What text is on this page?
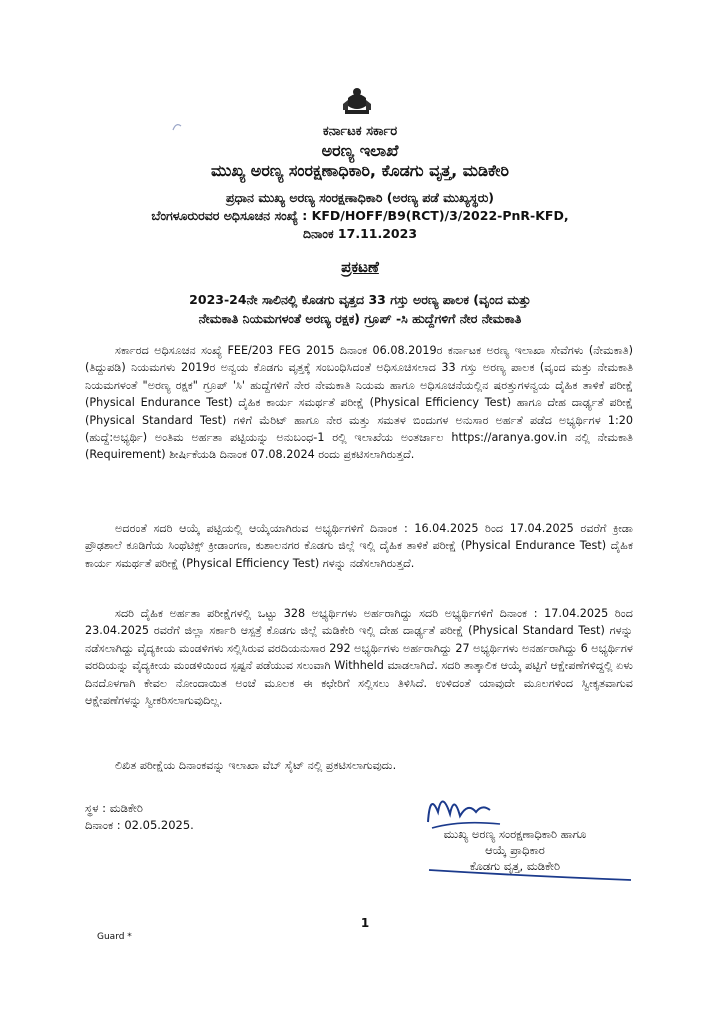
ಕರ್ನಾಟಕ ಸರ್ಕಾರ
ಅರಣ್ಯ ಇಲಾಖೆ
ಮುಖ್ಯ ಅರಣ್ಯ ಸಂರಕ್ಷಣಾಧಿಕಾರಿ, ಕೊಡಗು ವೃತ್ತ, ಮಡಿಕೇರಿ
ಪ್ರಧಾನ ಮುಖ್ಯ ಅರಣ್ಯ ಸಂರಕ್ಷಣಾಧಿಕಾರಿ (ಅರಣ್ಯ ಪಡೆ ಮುಖ್ಯಸ್ಥರು)
ಬೆಂಗಳೂರುರವರ ಅಧಿಸೂಚನ ಸಂಖ್ಯೆ : KFD/HOFF/B9(RCT)/3/2022-PnR-KFD,
ದಿನಾಂಕ 17.11.2023
ಪ್ರಕಟಣೆ
2023-24ನೇ ಸಾಲಿನಲ್ಲಿ ಕೊಡಗು ವೃತ್ತದ 33 ಗಸ್ತು ಅರಣ್ಯ ಪಾಲಕ (ವೃಂದ ಮತ್ತು
ನೇಮಕಾತಿ ನಿಯಮಗಳಂತೆ ಅರಣ್ಯ ರಕ್ಷಕ) ಗ್ರೂಪ್ -ಸಿ ಹುದ್ದೆಗಳಿಗೆ ನೇರ ನೇಮಕಾತಿ

ಸರ್ಕಾರದ ಅಧಿಸೂಚನ ಸಂಖ್ಯೆ FEE/203 FEG 2015 ದಿನಾಂಕ 06.08.2019ರ ಕರ್ನಾಟಕ ಅರಣ್ಯ ಇಲಾಖಾ ಸೇವೆಗಳು (ನೇಮಕಾತಿ) (ತಿದ್ದುಪಡಿ) ನಿಯಮಗಳು 2019ರ ಅನ್ವಯ ಕೊಡಗು ವೃತ್ತಕ್ಕೆ ಸಂಬಂಧಿಸಿದಂತೆ ಅಧಿಸೂಚಿಸಲಾದ 33 ಗಸ್ತು ಅರಣ್ಯ ಪಾಲಕ (ವೃಂದ ಮತ್ತು ನೇಮಕಾತಿ ನಿಯಮಗಳಂತೆ "ಅರಣ್ಯ ರಕ್ಷಕ" ಗ್ರೂಪ್ 'ಸಿ' ಹುದ್ದೆಗಳಿಗೆ ನೇರ ನೇಮಕಾತಿ ನಿಯಮ ಹಾಗೂ ಅಧಿಸೂಚನೆಯಲ್ಲಿನ ಷರತ್ತುಗಳನ್ವಯ ದೈಹಿಕ ತಾಳಿಕೆ ಪರೀಕ್ಷೆ (Physical Endurance Test) ದೈಹಿಕ ಕಾರ್ಯ ಸಮರ್ಥತೆ ಪರೀಕ್ಷೆ (Physical Efficiency Test) ಹಾಗೂ ದೇಹ ದಾರ್ಢ್ಯತೆ ಪರೀಕ್ಷೆ (Physical Standard Test) ಗಳಿಗೆ ಮೆರಿಟ್ ಹಾಗೂ ನೇರ ಮತ್ತು ಸಮತಳ ಬಿಂದುಗಳ ಅನುಸಾರ ಅರ್ಹತೆ ಪಡೆದ ಅಭ್ಯರ್ಥಿಗಳ 1:20 (ಹುದ್ದೆ:ಅಭ್ಯರ್ಥಿ) ಅಂತಿಮ ಅರ್ಹತಾ ಪಟ್ಟಿಯನ್ನು ಅನುಬಂಧ-1 ರಲ್ಲಿ ಇಲಾಖೆಯ ಅಂತರ್ಜಾಲ https://aranya.gov.in ನಲ್ಲಿ ನೇಮಕಾತಿ (Requirement) ಶೀರ್ಷಿಕೆಯಡಿ ದಿನಾಂಕ 07.08.2024 ರಂದು ಪ್ರಕಟಿಸಲಾಗಿರುತ್ತದೆ.

ಅದರಂತೆ ಸದರಿ ಆಯ್ಕೆ ಪಟ್ಟಿಯಲ್ಲಿ ಆಯ್ಕೆಯಾಗಿರುವ ಅಭ್ಯರ್ಥಿಗಳಿಗೆ ದಿನಾಂಕ : 16.04.2025 ರಿಂದ 17.04.2025 ರವರೆಗೆ ಕ್ರೀಡಾ ಪ್ರೌಢಶಾಲೆ ಕೂಡಿಗೆಯ ಸಿಂಥೆಟಿಕ್ಸ್ ಕ್ರೀಡಾಂಗಣ, ಕುಶಾಲನಗರ ಕೊಡಗು ಜಿಲ್ಲೆ ಇಲ್ಲಿ ದೈಹಿಕ ತಾಳಿಕೆ ಪರೀಕ್ಷೆ (Physical Endurance Test) ದೈಹಿಕ ಕಾರ್ಯ ಸಮರ್ಥತೆ ಪರೀಕ್ಷೆ (Physical Efficiency Test) ಗಳನ್ನು ನಡೆಸಲಾಗಿರುತ್ತದೆ.

ಸದರಿ ದೈಹಿಕ ಅರ್ಹತಾ ಪರೀಕ್ಷೆಗಳಲ್ಲಿ ಒಟ್ಟು 328 ಅಭ್ಯರ್ಥಿಗಳು ಅರ್ಹರಾಗಿದ್ದು ಸದರಿ ಅಭ್ಯರ್ಥಿಗಳಿಗೆ ದಿನಾಂಕ : 17.04.2025 ರಿಂದ 23.04.2025 ರವರೆಗೆ ಜಿಲ್ಲಾ ಸರ್ಕಾರಿ ಆಸ್ಪತ್ರೆ ಕೊಡಗು ಜಿಲ್ಲೆ ಮಡಿಕೇರಿ ಇಲ್ಲಿ ದೇಹ ದಾರ್ಢ್ಯತೆ ಪರೀಕ್ಷೆ (Physical Standard Test) ಗಳನ್ನು ನಡೆಸಲಾಗಿದ್ದು ವೈದ್ಯಕೀಯ ಮಂಡಳಿಗಳು ಸಲ್ಲಿಸಿರುವ ವರದಿಯನುಸಾರ 292 ಅಭ್ಯರ್ಥಿಗಳು ಅರ್ಹರಾಗಿದ್ದು 27 ಅಭ್ಯರ್ಥಿಗಳು ಅನರ್ಹರಾಗಿದ್ದು 6 ಅಭ್ಯರ್ಥಿಗಳ ವರದಿಯನ್ನು ವೈದ್ಯಕೀಯ ಮಂಡಳಿಯಿಂದ ಸ್ಪಷ್ಟನೆ ಪಡೆಯುವ ಸಲುವಾಗಿ Withheld ಮಾಡಲಾಗಿದೆ. ಸದರಿ ತಾತ್ಕಾಲಿಕ ಆಯ್ಕೆ ಪಟ್ಟಿಗೆ ಆಕ್ಷೇಪಣೆಗಳಿದ್ದಲ್ಲಿ ಏಳು ದಿನದೊಳಗಾಗಿ ಕೇವಲ ನೋಂದಾಯಿತ ಅಂಚೆ ಮೂಲಕ ಈ ಕಛೇರಿಗೆ ಸಲ್ಲಿಸಲು ತಿಳಿಸಿದೆ. ಉಳಿದಂತೆ ಯಾವುದೇ ಮೂಲಗಳಿಂದ ಸ್ವೀಕೃತವಾಗುವ ಆಕ್ಷೇಪಣೆಗಳನ್ನು ಸ್ವೀಕರಿಸಲಾಗುವುದಿಲ್ಲ.

ಲಿಖಿತ ಪರೀಕ್ಷೆಯ ದಿನಾಂಕವನ್ನು ಇಲಾಖಾ ವೆಬ್ ಸೈಟ್ ನಲ್ಲಿ ಪ್ರಕಟಿಸಲಾಗುವುದು.

ಸ್ಥಳ : ಮಡಿಕೇರಿ
ದಿನಾಂಕ : 02.05.2025.
ಮುಖ್ಯ ಅರಣ್ಯ ಸಂರಕ್ಷಣಾಧಿಕಾರಿ ಹಾಗೂ
ಆಯ್ಕೆ ಪ್ರಾಧಿಕಾರ
ಕೊಡಗು ವೃತ್ತ, ಮಡಿಕೇರಿ
1
Guard *
